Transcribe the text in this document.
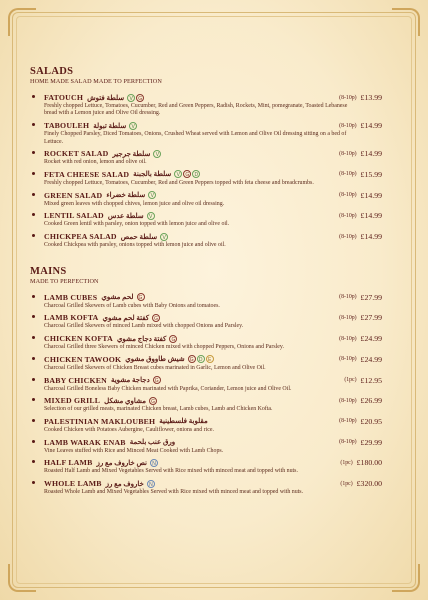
SALADS
HOME MADE SALAD MADE TO PERFECTION
FATOUCH سلطة فتوش	V	G	(8-10p) £13.99
Freshly chopped Lettuce, Tomatoes, Cucumber, Red and Green Peppers, Radish, Rockets, Mint, pomegranate, Toasted Lebanese bread with a Lemon juice and Olive Oil dressing.
TABOULEH سلطة تبولة	V	(8-10p) £14.99
Finely Chopped Parsley, Diced Tomatoes, Onions, Crushed Wheat served with Lemon and Olive Oil dressing sitting on a bed of Lettuce.
ROCKET SALAD سلطة جرجير	V	(8-10p) £14.99
Rocket with red onion, lemon and olive oil.
FETA CHEESE SALAD سلطة بالجبنة	V	G	D	(8-10p) £15.99
Freshly chopped Lettuce, Tomatoes, Cucumber, Red and Green Peppers topped with feta cheese and breadcrumbs.
GREEN SALAD سلطة خضراء	V	(8-10p) £14.99
Mixed green leaves with chopped chives, lemon juice and olive oil dressing.
LENTIL SALAD سلطة عدس	V	(8-10p) £14.99
Cooked Green lentil with parsley, onion topped with lemon juice and olive oil.
CHICKPEA SALAD سلطة حمص	V	(8-10p) £14.99
Cooked Chickpea with parsley, onions topped with lemon juice and olive oil.
MAINS
MADE TO PERFECTION
LAMB CUBES لحم مشوي	G	(8-10p) £27.99
Charcoal Grilled Skewers of Lamb cubes with Baby Onions and tomatoes.
LAMB KOFTA كفتة لحم مشوي	G	(8-10p) £27.99
Charcoal Grilled Skewers of minced Lamb mixed with chopped Onions and Parsley.
CHICKEN KOFTA كفتة دجاج مشوي	G	(8-10p) £24.99
Charcoal Grilled three Skewers of minced Chicken mixed with chopped Peppers, Onions and Parsley.
CHICKEN TAWOOK شيش طاووق مشوي	G	D	E	(8-10p) £24.99
Charcoal Grilled Skewers of Chicken Breast cubes marinated in Garlic, Lemon and Olive Oil.
BABY CHICKEN دجاجة مشوية	G	(1pc) £12.95
Charcoal Grilled Boneless Baby Chicken marinated with Paprika, Coriander, Lemon juice and Olive Oil.
MIXED GRILL مشاوي مشكل	G	(8-10p) £26.99
Selection of our grilled meats, marinated Chicken breast, Lamb cubes, Lamb and Chicken Kofta.
PALESTINIAN MAKLOUBEH مقلوبة فلسطينية	(8-10p) £20.95
Cooked Chicken with Potatoes Aubergine, Cauliflower, onions and rice.
LAMB WARAK ENAB ورق عنب بلحمة	(8-10p) £29.99
Vine Leaves stuffed with Rice and Minced Meat Cooked with Lamb Chops.
HALF LAMB نص خاروف مع رز	N	(1pc) £180.00
Roasted Half Lamb and Mixed Vegetables Served with Rice mixed with minced meat and topped with nuts.
WHOLE LAMB خاروف مع رز	N	(1pc) £320.00
Roasted Whole Lamb and Mixed Vegetables Served with Rice mixed with minced meat and topped with nuts.
